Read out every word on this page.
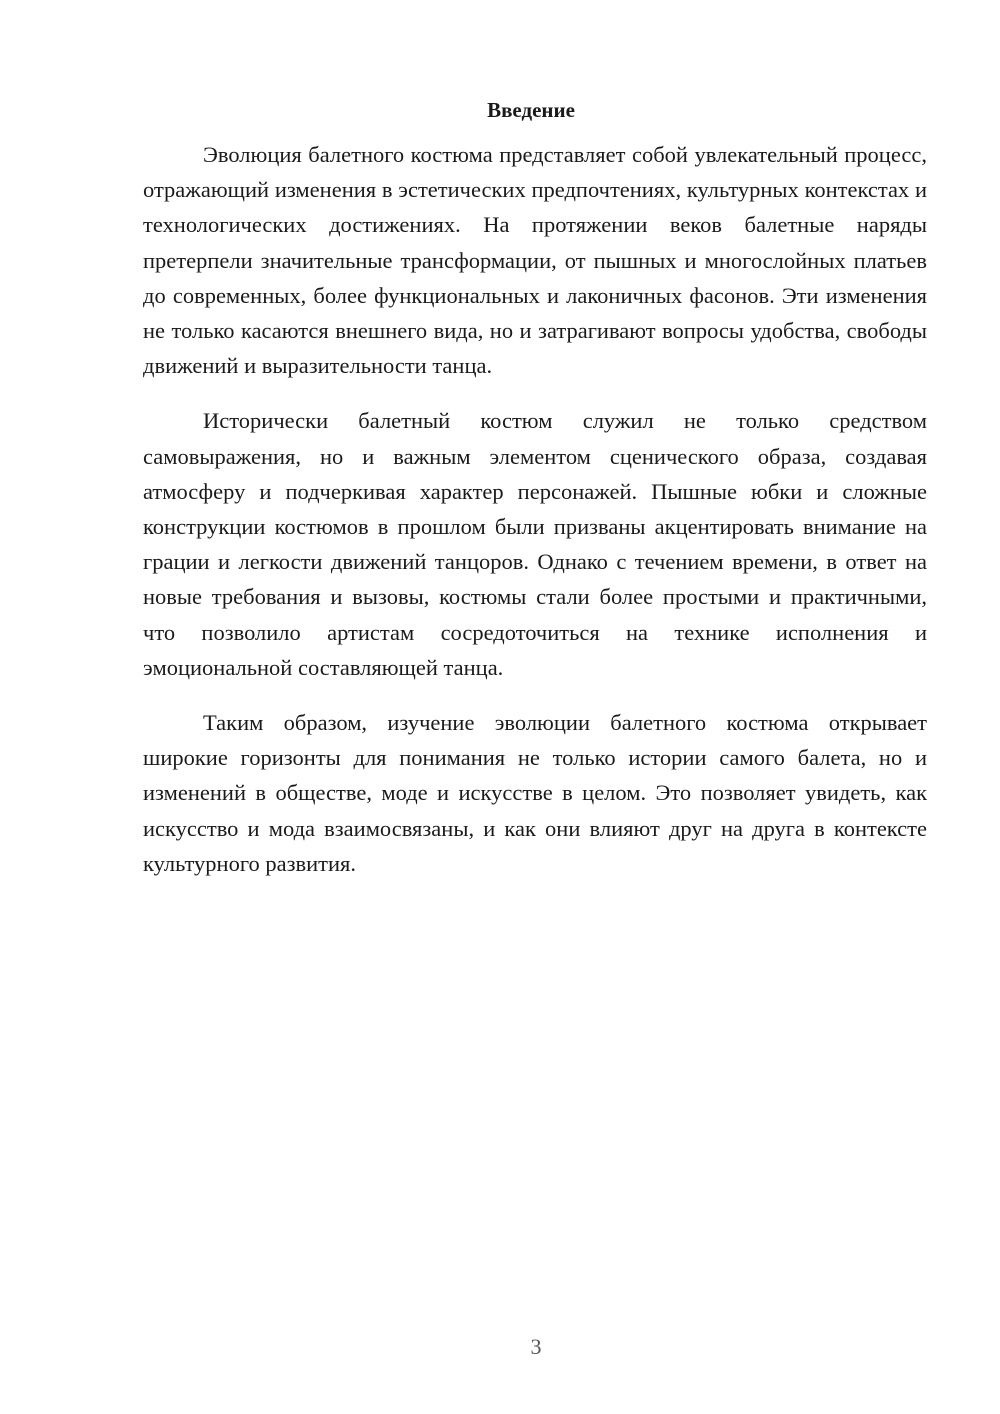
Введение

Эволюция балетного костюма представляет собой увлекательный процесс, отражающий изменения в эстетических предпочтениях, культурных контекстах и технологических достижениях. На протяжении веков балетные наряды претерпели значительные трансформации, от пышных и многослойных платьев до современных, более функциональных и лаконичных фасонов. Эти изменения не только касаются внешнего вида, но и затрагивают вопросы удобства, свободы движений и выразительности танца.

Исторически балетный костюм служил не только средством самовыражения, но и важным элементом сценического образа, создавая атмосферу и подчеркивая характер персонажей. Пышные юбки и сложные конструкции костюмов в прошлом были призваны акцентировать внимание на грации и легкости движений танцоров. Однако с течением времени, в ответ на новые требования и вызовы, костюмы стали более простыми и практичными, что позволило артистам сосредоточиться на технике исполнения и эмоциональной составляющей танца.

Таким образом, изучение эволюции балетного костюма открывает широкие горизонты для понимания не только истории самого балета, но и изменений в обществе, моде и искусстве в целом. Это позволяет увидеть, как искусство и мода взаимосвязаны, и как они влияют друг на друга в контексте культурного развития.

3
